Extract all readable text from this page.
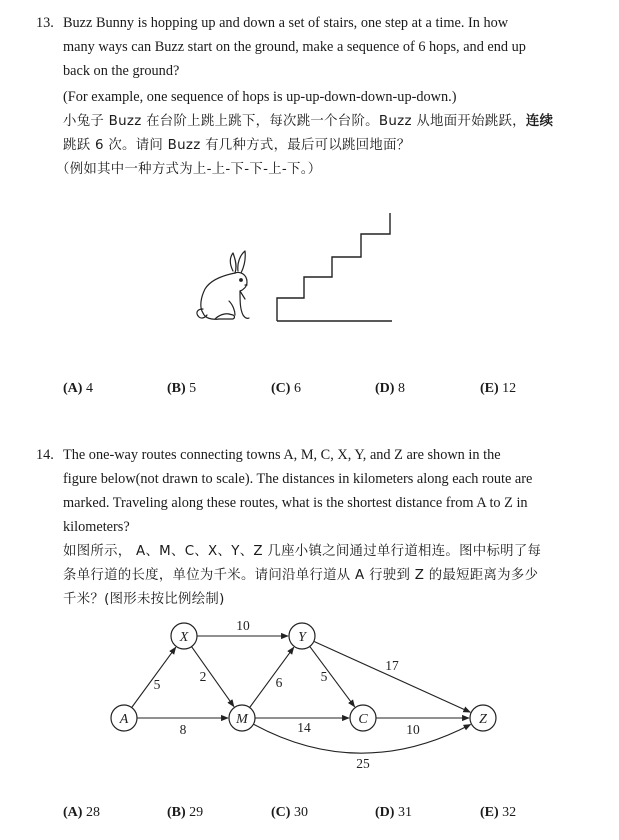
13. Buzz Bunny is hopping up and down a set of stairs, one step at a time. In how
many ways can Buzz start on the ground, make a sequence of 6 hops, and end up
back on the ground?
(For example, one sequence of hops is up-up-down-down-up-down.)
小兔子 Buzz 在台阶上跳上跳下，每次跳一个台阶。Buzz 从地面开始跳跃，连续
跳跃 6 次。请问 Buzz 有几种方式，最后可以跳回地面？
（例如其中一种方式为上-上-下-下-上-下。）
(A) 4	(B) 5	(C) 6	(D) 8	(E) 12
14. The one-way routes connecting towns A, M, C, X, Y, and Z are shown in the
figure below(not drawn to scale). The distances in kilometers along each route are
marked. Traveling along these routes, what is the shortest distance from A to Z in
kilometers?
如图所示， A、M、C、X、Y、Z 几座小镇之间通过单行道相连。图中标明了每
条单行道的长度，单位为千米。请问沿单行道从 A 行驶到 Z 的最短距离为多少
千米？(图形未按比例绘制)
5
8
2
10
6	5
17
14	10
25
A
X
M
Y
C	Z
(A) 28	(B) 29	(C) 30	(D) 31	(E) 32
